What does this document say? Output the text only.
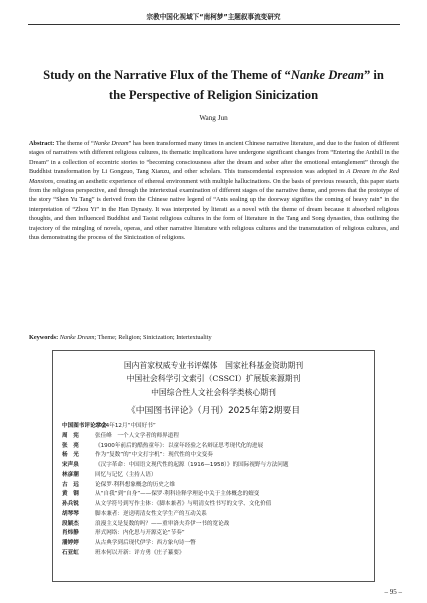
宗教中国化视域下“南柯梦”主题叙事流变研究
Study on the Narrative Flux of the Theme of “Nanke Dream” in the Perspective of Religion Sinicization
Wang Jun
Abstract: The theme of “Nanke Dream” has been transformed many times in ancient Chinese narrative literature, and due to the fusion of different stages of narratives with different religious cultures, its thematic implications have undergone significant changes from “Entering the Anthill in the Dream” in a collection of eccentric stories to “becoming consciousness after the dream and sober after the emotional entanglement” through the Buddhist transformation by Li Gongzuo, Tang Xianzu, and other scholars. This transcendental expression was adopted in A Dream in the Red Mansions, creating an aesthetic experience of ethereal environment with multiple hallucinations. On the basis of previous research, this paper starts from the religious perspective, and through the intertextual examination of different stages of the narrative theme, and proves that the prototype of the story “Shen Yu Tang” is derived from the Chinese native legend of “Ants sealing up the doorway signifies the coming of heavy rain” in the interpretation of “Zhou Yi” in the Han Dynasty. It was interpreted by literati as a novel with the theme of dream because it absorbed religious thoughts, and then influenced Buddhist and Taoist religious cultures in the form of literature in the Tang and Song dynasties, thus outlining the trajectory of the mingling of novels, operas, and other narrative literature with religious cultures and the transmutation of religious cultures, and thus demonstrating the process of the Sinicization of religions.
Keywords: Nanke Dream; Theme; Religion; Sinicization; Intertextuality
国内首家权威专业书评媒体　国家社科基金资助期刊
中国社会科学引文索引（CSSCI）扩展版来源期刊
中国综合性人文社会科学类核心期刊
《中国图书评论》（月刊）2025年第2期要目
中国图书评论学会
2024年12月“中国好书”
周　宪	张佳峰　一个人文学者的师界道程
张　亮	《1900年前后的酷热童年》：以童年经验之名辩证思考现代化的进展
杨　光	作为“复数”的“中文打字机”：现代性的中文变奏
宋声泉	《汉字革命：中国语文现代性的起源（1916—1958）》的国际视野与方法问题
林彦潮	回忆与记忆（主持人语）
古　远	论保罗·利科想象概念的历史之维
黄　钢	从“自我”到“自身”——保罗·利科诠释学理论中关于主体概念的嬗变
孙兵锐	从文学符号到写作主体：《脚本兼者》与明清女性书写的文学、文化价值
胡琴琴	脚本兼者：逆送明清女性文学生产的互动关系
段颖杰	浪漫主义是复数的吗？——重审洛夫乔伊一书的宽论战
肖炜静	形式网络：内化思与开源克论“节奏”
潘婷婷	从古典学到后现代伊学：西方象句诗一瞥
石亚虹	班本何以开新：评方勇《庄子纂要》
– 95 –
